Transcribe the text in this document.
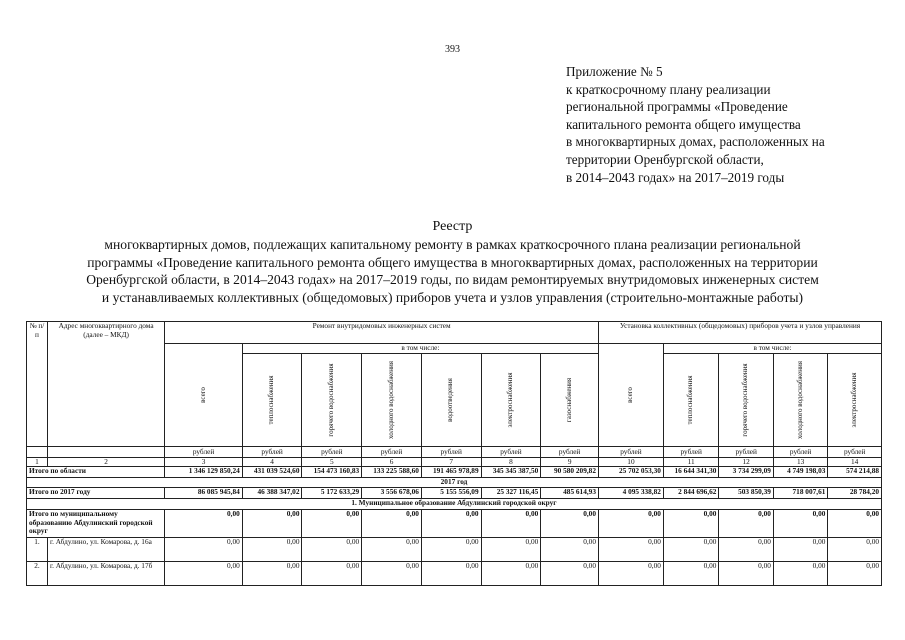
393
Приложение № 5
к краткосрочному плану реализации
региональной программы «Проведение
капитального ремонта общего имущества
в многоквартирных домах, расположенных на
территории Оренбургской области,
в 2014–2043 годах» на 2017–2019 годы
Реестр
многоквартирных домов, подлежащих капитальному ремонту в рамках краткосрочного плана реализации региональной
программы «Проведение капитального ремонта общего имущества в многоквартирных домах, расположенных на территории
Оренбургской области, в 2014–2043 годах» на 2017–2019 годы, по видам ремонтируемых внутридомовых инженерных систем
и устанавливаемых коллективных (общедомовых) приборов учета и узлов управления (строительно-монтажные работы)
№ п/п	Адрес многоквартирного дома (далее – МКД)	Ремонт внутридомовых инженерных систем							Установка коллективных (общедомовых) приборов учета и узлов управления				

		всего	в том числе:						всего	в том числе:			

			теплоснабжения	горячего водоснабжения	холодного водоснабжения	водоотведения	электроснабжения	газоснабжения		теплоснабжения	горячего водоснабжения	холодного водоснабжения	электроснабжения

		рублей	рублей	рублей	рублей	рублей	рублей	рублей	рублей	рублей	рублей	рублей	рублей
1	2	3	4	5	6	7	8	9	10	11	12	13	14
Итого по области		1 346 129 850,24	431 039 524,60	154 473 160,83	133 225 588,60	191 465 978,89	345 345 387,50	90 580 209,82	25 702 053,30	16 644 341,30	3 734 299,09	4 749 198,03	574 214,88
2017 год													
Итого по 2017 году		86 085 945,84	46 388 347,02	5 172 633,29	3 556 678,06	5 155 556,09	25 327 116,45	485 614,93	4 095 338,82	2 844 696,62	503 850,39	718 007,61	28 784,20
1. Муниципальное образование Абдулинский городской округ													
Итого по муниципальному образованию Абдулинский городской округ		0,00	0,00	0,00	0,00	0,00	0,00	0,00	0,00	0,00	0,00	0,00	0,00
1.	г. Абдулино, ул. Комарова, д. 16а	0,00	0,00	0,00	0,00	0,00	0,00	0,00	0,00	0,00	0,00	0,00	0,00
2.	г. Абдулино, ул. Комарова, д. 17б	0,00	0,00	0,00	0,00	0,00	0,00	0,00	0,00	0,00	0,00	0,00	0,00
